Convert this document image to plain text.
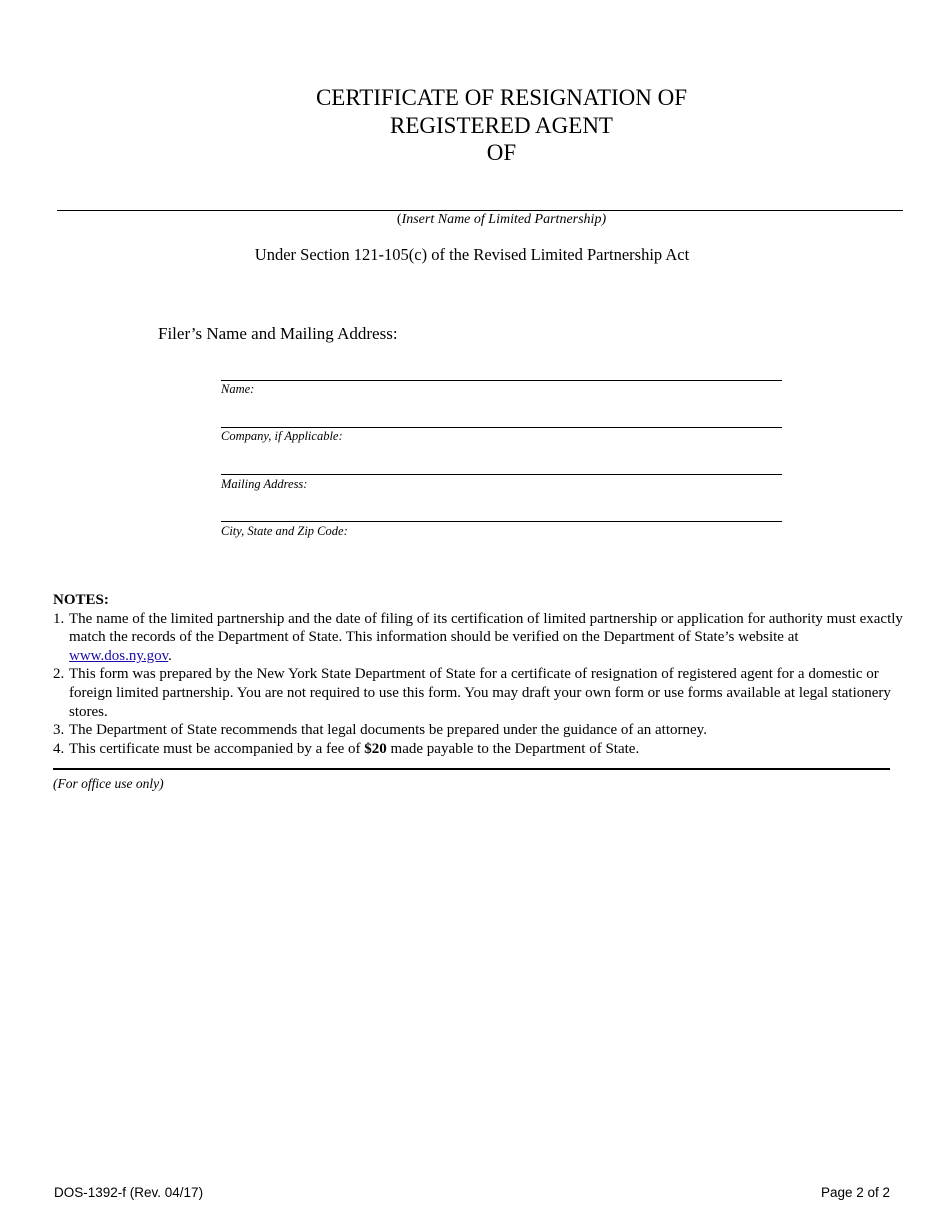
CERTIFICATE OF RESIGNATION OF
REGISTERED AGENT
OF
(Insert Name of Limited Partnership)
Under Section 121-105(c) of the Revised Limited Partnership Act
Filer’s Name and Mailing Address:
Name:
Company, if Applicable:
Mailing Address:
City, State and Zip Code:
NOTES:
1. The name of the limited partnership and the date of filing of its certification of limited partnership or application for authority must exactly match the records of the Department of State. This information should be verified on the Department of State’s website at www.dos.ny.gov.
2. This form was prepared by the New York State Department of State for a certificate of resignation of registered agent for a domestic or foreign limited partnership. You are not required to use this form. You may draft your own form or use forms available at legal stationery stores.
3. The Department of State recommends that legal documents be prepared under the guidance of an attorney.
4. This certificate must be accompanied by a fee of $20 made payable to the Department of State.
(For office use only)
DOS-1392-f (Rev. 04/17)	Page 2 of 2
